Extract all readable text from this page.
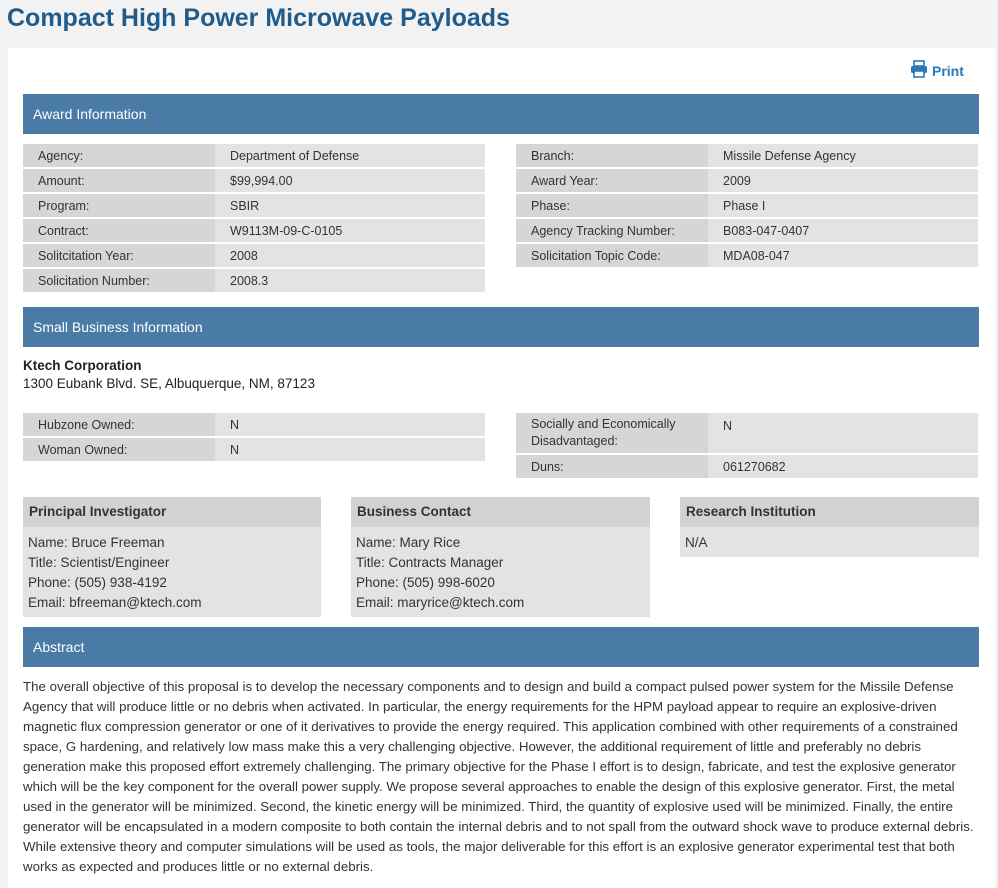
Compact High Power Microwave Payloads
Print
Award Information
Agency:	Department of Defense
Amount:	$99,994.00
Program:	SBIR
Contract:	W9113M-09-C-0105
Solitcitation Year:	2008
Solicitation Number:	2008.3
Branch:	Missile Defense Agency
Award Year:	2009
Phase:	Phase I
Agency Tracking Number:	B083-047-0407
Solicitation Topic Code:	MDA08-047
Small Business Information
Ktech Corporation
1300 Eubank Blvd. SE, Albuquerque, NM, 87123
Hubzone Owned:	N
Woman Owned:	N
Socially and Economically Disadvantaged:	N
Duns:	061270682
Principal Investigator
Name: Bruce Freeman
Title: Scientist/Engineer
Phone: (505) 938-4192
Email: bfreeman@ktech.com
Business Contact
Name: Mary Rice
Title: Contracts Manager
Phone: (505) 998-6020
Email: maryrice@ktech.com
Research Institution
N/A
Abstract
The overall objective of this proposal is to develop the necessary components and to design and build a compact pulsed power system for the Missile Defense Agency that will produce little or no debris when activated. In particular, the energy requirements for the HPM payload appear to require an explosive-driven magnetic flux compression generator or one of it derivatives to provide the energy required. This application combined with other requirements of a constrained space, G hardening, and relatively low mass make this a very challenging objective. However, the additional requirement of little and preferably no debris generation make this proposed effort extremely challenging. The primary objective for the Phase I effort is to design, fabricate, and test the explosive generator which will be the key component for the overall power supply. We propose several approaches to enable the design of this explosive generator. First, the metal used in the generator will be minimized. Second, the kinetic energy will be minimized. Third, the quantity of explosive used will be minimized. Finally, the entire generator will be encapsulated in a modern composite to both contain the internal debris and to not spall from the outward shock wave to produce external debris. While extensive theory and computer simulations will be used as tools, the major deliverable for this effort is an explosive generator experimental test that both works as expected and produces little or no external debris.
